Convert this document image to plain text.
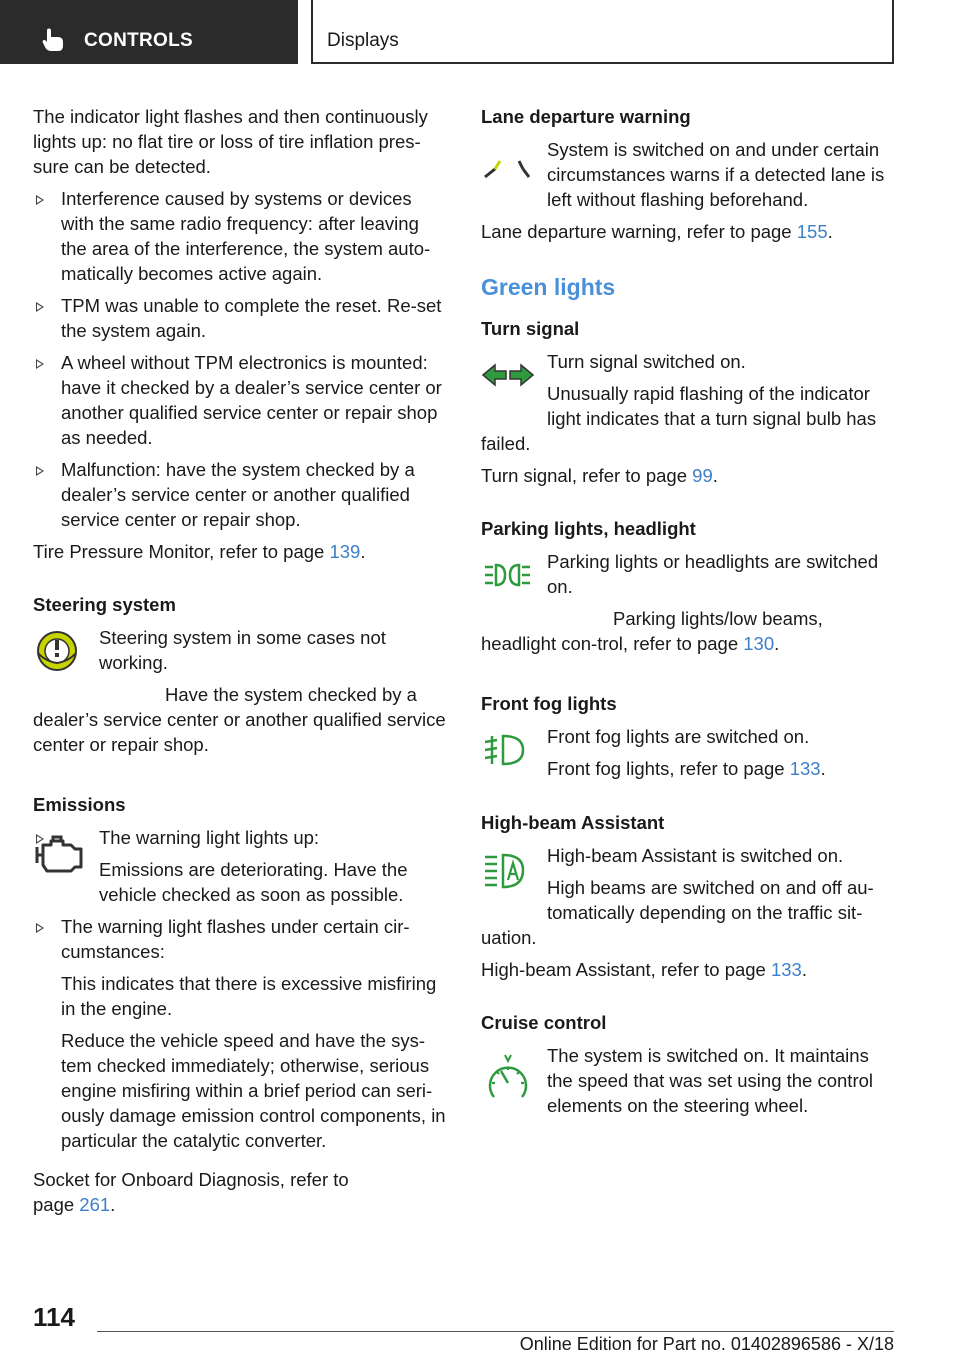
CONTROLS	Displays

The indicator light flashes and then continuously lights up: no flat tire or loss of tire inflation pres-sure can be detected.

Interference caused by systems or devices with the same radio frequency: after leaving the area of the interference, the system auto-matically becomes active again.
TPM was unable to complete the reset. Re-set the system again.
A wheel without TPM electronics is mounted: have it checked by a dealer’s service center or another qualified service center or repair shop as needed.
Malfunction: have the system checked by a dealer’s service center or another qualified service center or repair shop.

Tire Pressure Monitor, refer to page 139.

Steering system

Steering system in some cases not working.

Have the system checked by a dealer’s service center or another qualified service center or repair shop.

Emissions
The warning light lights up:

Emissions are deteriorating. Have the vehicle checked as soon as possible.

The warning light flashes under certain cir-cumstances:

This indicates that there is excessive misfiring in the engine.

Reduce the vehicle speed and have the sys-tem checked immediately; otherwise, serious engine misfiring within a brief period can seri-ously damage emission control components, in particular the catalytic converter.

Socket for Onboard Diagnosis, refer to
page 261.

Lane departure warning

System is switched on and under certain circumstances warns if a detected lane is left without flashing beforehand.

Lane departure warning, refer to page 155.

Green lights
Turn signal

Turn signal switched on.

Unusually rapid flashing of the indicator light indicates that a turn signal bulb has failed.

Turn signal, refer to page 99.

Parking lights, headlight

Parking lights or headlights are switched on.

Parking lights/low beams, headlight con-trol, refer to page 130.

Front fog lights

Front fog lights are switched on.

Front fog lights, refer to page 133.

High-beam Assistant

High-beam Assistant is switched on.

High beams are switched on and off au-tomatically depending on the traffic sit-uation.

High-beam Assistant, refer to page 133.

Cruise control

The system is switched on. It maintains the speed that was set using the control elements on the steering wheel.

114
Online Edition for Part no. 01402896586 - X/18
